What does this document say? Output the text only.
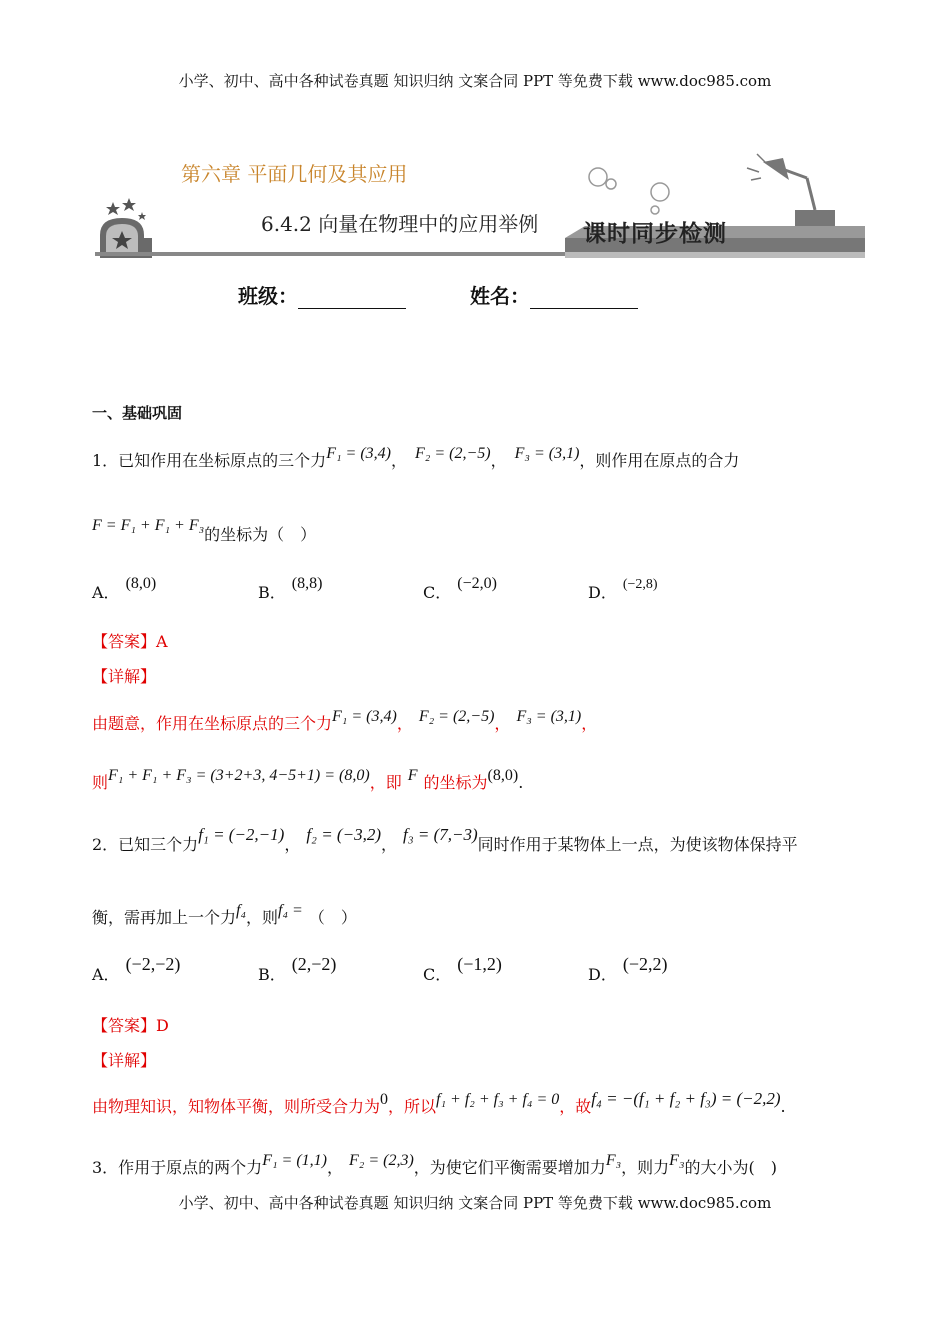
小学、初中、高中各种试卷真题 知识归纳 文案合同 PPT 等免费下载 www.doc985.com
第六章 平面几何及其应用
6.4.2 向量在物理中的应用举例 课时同步检测
班级：	姓名：
一、基础巩固
1．已知作用在坐标原点的三个力F₁ = (3,4)， F₂ = (2,−5)， F₃ = (3,1)，则作用在原点的合力
F = F₁ + F₁ + F₃的坐标为（　）
A． (8,0)	B． (8,8)	C． (−2,0)	D． (−2,8)
【答案】A
【详解】
由题意，作用在坐标原点的三个力F₁ = (3,4)， F₂ = (2,−5)， F₃ = (3,1)，
则F₁ + F₁ + F₃ = (3+2+3, 4−5+1) = (8,0)，即 F 的坐标为(8,0).
2．已知三个力f₁ = (−2,−1)，f₂ = (−3,2)，f₃ = (7,−3)同时作用于某物体上一点，为使该物体保持平
衡，需再加上一个力f₄，则f₄ = （　）
A．(−2,−2)
B．(2,−2)
C．(−1,2)
D．(−2,2)
【答案】D
【详解】
由物理知识，知物体平衡，则所受合力为0，所以f₁ + f₂ + f₃ + f₄ = 0，故f₄ = −(f₁ + f₂ + f₃) = (−2,2).
3．作用于原点的两个力F₁ = (1,1)， F₂ = (2,3)，为使它们平衡需要增加力F₃，则力F₃的大小为(　)
小学、初中、高中各种试卷真题 知识归纳 文案合同 PPT 等免费下载 www.doc985.com
